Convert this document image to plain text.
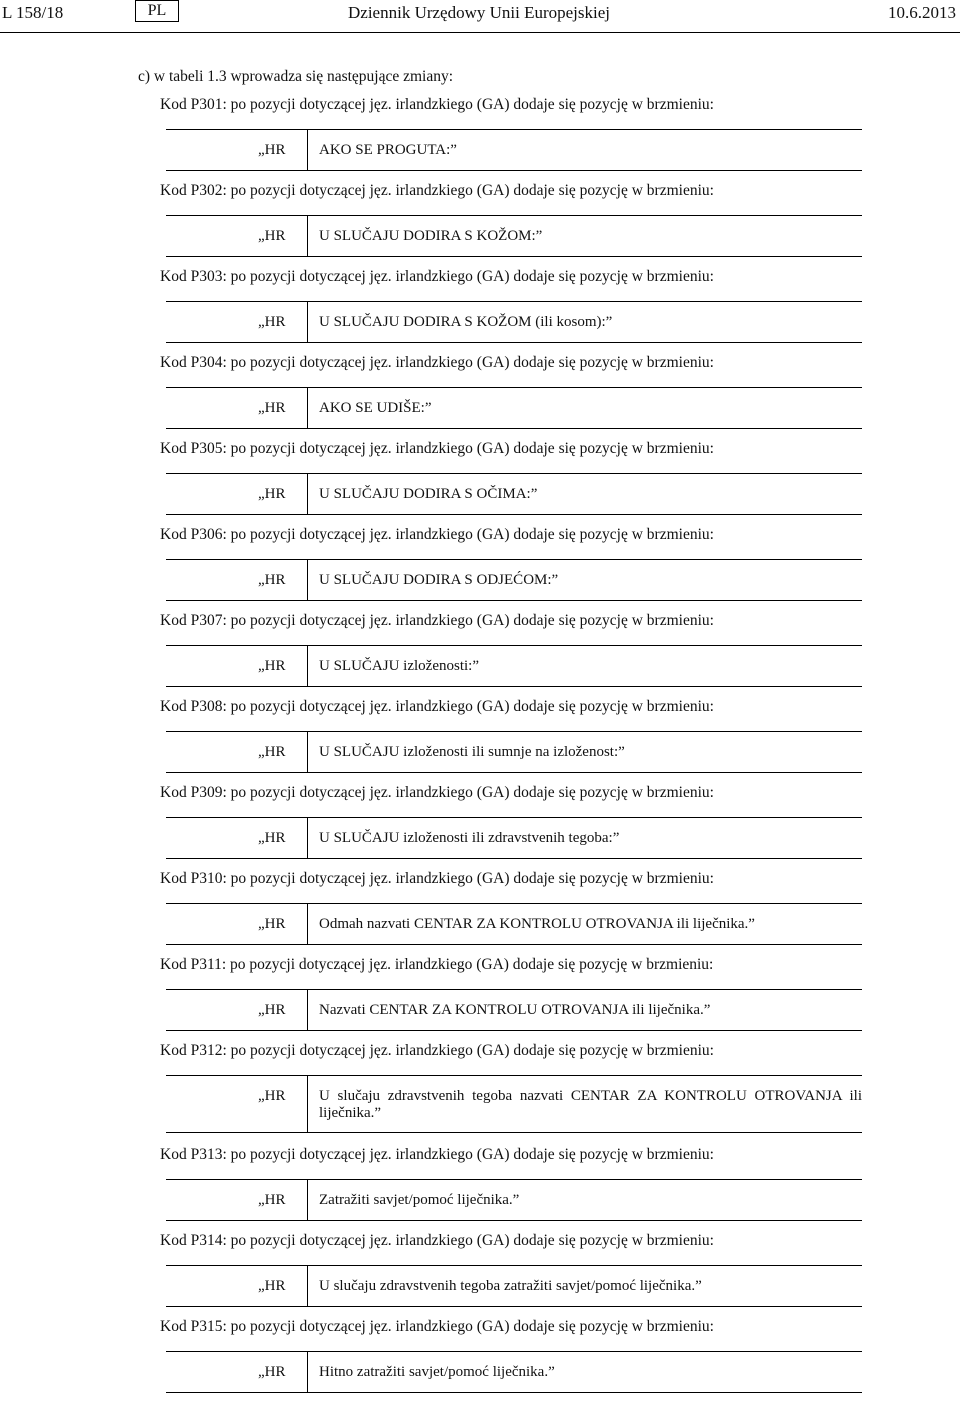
L 158/18	PL	Dziennik Urzędowy Unii Europejskiej	10.6.2013
c) w tabeli 1.3 wprowadza się następujące zmiany:
Kod P301: po pozycji dotyczącej jęz. irlandzkiego (GA) dodaje się pozycję w brzmieniu:
„HR	AKO SE PROGUTA:”
Kod P302: po pozycji dotyczącej jęz. irlandzkiego (GA) dodaje się pozycję w brzmieniu:
„HR	U SLUČAJU DODIRA S KOŽOM:”
Kod P303: po pozycji dotyczącej jęz. irlandzkiego (GA) dodaje się pozycję w brzmieniu:
„HR	U SLUČAJU DODIRA S KOŽOM (ili kosom):”
Kod P304: po pozycji dotyczącej jęz. irlandzkiego (GA) dodaje się pozycję w brzmieniu:
„HR	AKO SE UDIŠE:”
Kod P305: po pozycji dotyczącej jęz. irlandzkiego (GA) dodaje się pozycję w brzmieniu:
„HR	U SLUČAJU DODIRA S OČIMA:”
Kod P306: po pozycji dotyczącej jęz. irlandzkiego (GA) dodaje się pozycję w brzmieniu:
„HR	U SLUČAJU DODIRA S ODJEĆOM:”
Kod P307: po pozycji dotyczącej jęz. irlandzkiego (GA) dodaje się pozycję w brzmieniu:
„HR	U SLUČAJU izloženosti:”
Kod P308: po pozycji dotyczącej jęz. irlandzkiego (GA) dodaje się pozycję w brzmieniu:
„HR	U SLUČAJU izloženosti ili sumnje na izloženost:”
Kod P309: po pozycji dotyczącej jęz. irlandzkiego (GA) dodaje się pozycję w brzmieniu:
„HR	U SLUČAJU izloženosti ili zdravstvenih tegoba:”
Kod P310: po pozycji dotyczącej jęz. irlandzkiego (GA) dodaje się pozycję w brzmieniu:
„HR	Odmah nazvati CENTAR ZA KONTROLU OTROVANJA ili liječnika.”
Kod P311: po pozycji dotyczącej jęz. irlandzkiego (GA) dodaje się pozycję w brzmieniu:
„HR	Nazvati CENTAR ZA KONTROLU OTROVANJA ili liječnika.”
Kod P312: po pozycji dotyczącej jęz. irlandzkiego (GA) dodaje się pozycję w brzmieniu:
„HR	U slučaju zdravstvenih tegoba nazvati CENTAR ZA KONTROLU OTROVANJA ili liječnika.”
Kod P313: po pozycji dotyczącej jęz. irlandzkiego (GA) dodaje się pozycję w brzmieniu:
„HR	Zatražiti savjet/pomoć liječnika.”
Kod P314: po pozycji dotyczącej jęz. irlandzkiego (GA) dodaje się pozycję w brzmieniu:
„HR	U slučaju zdravstvenih tegoba zatražiti savjet/pomoć liječnika.”
Kod P315: po pozycji dotyczącej jęz. irlandzkiego (GA) dodaje się pozycję w brzmieniu:
„HR	Hitno zatražiti savjet/pomoć liječnika.”
